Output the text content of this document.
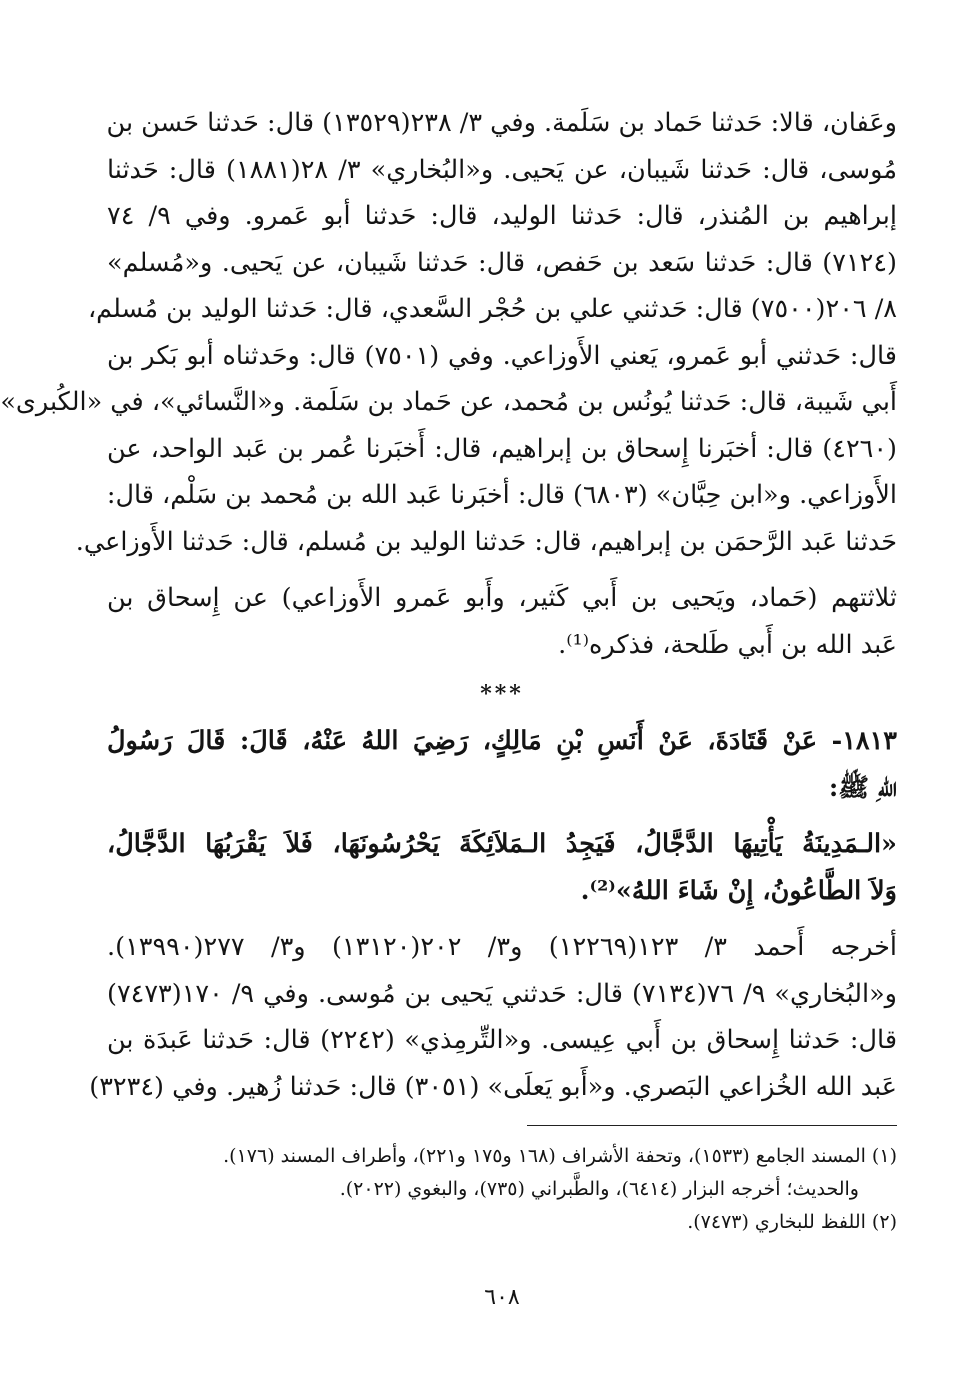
وعَفان، قالا: حَدثنا حَماد بن سَلَمة. وفي ٣/ ٢٣٨(١٣٥٢٩) قال: حَدثنا حَسن بن
مُوسى، قال: حَدثنا شَيبان، عن يَحيى. و«البُخاري» ٣/ ٢٨(١٨٨١) قال: حَدثنا
إبراهيم بن المُنذر، قال: حَدثنا الوليد، قال: حَدثنا أبو عَمرو. وفي ٩/ ٧٤
(٧١٢٤) قال: حَدثنا سَعد بن حَفص، قال: حَدثنا شَيبان، عن يَحيى. و«مُسلم»
٨/ ٢٠٦(٧٥٠٠) قال: حَدثني علي بن حُجْر السَّعدي، قال: حَدثنا الوليد بن مُسلم،
قال: حَدثني أبو عَمرو، يَعني الأَوزاعي. وفي (٧٥٠١) قال: وحَدثناه أبو بَكر بن
أَبي شَيبة، قال: حَدثنا يُونُس بن مُحمد، عن حَماد بن سَلَمة. و«النَّسائي»، في «الكُبرى»
(٤٢٦٠) قال: أخبَرنا إِسحاق بن إبراهيم، قال: أَخبَرنا عُمر بن عَبد الواحد، عن
الأَوزاعي. و«ابن حِبَّان» (٦٨٠٣) قال: أخبَرنا عَبد الله بن مُحمد بن سَلْم، قال:
حَدثنا عَبد الرَّحمَن بن إبراهيم، قال: حَدثنا الوليد بن مُسلم، قال: حَدثنا الأَوزاعي.
ثلاثتهم (حَماد، ويَحيى بن أَبي كَثير، وأَبو عَمرو الأَوزاعي) عن إِسحاق بن
عَبد الله بن أَبي طَلحة، فذكره⁽¹⁾.
***
١٨١٣- عَنْ قَتَادَةَ، عَنْ أَنَسِ بْنِ مَالِكٍ، رَضِيَ اللهُ عَنْهُ، قَالَ: قَالَ رَسُولُ
اللهِ ﷺ:
«الـمَدِينَةُ يَأْتِيهَا الدَّجَّالُ، فَيَجِدُ الـمَلاَئِكَةَ يَحْرُسُونَهَا، فَلاَ يَقْرَبُهَا الدَّجَّالُ،
وَلاَ الطَّاعُونُ، إِنْ شَاءَ اللهُ»⁽²⁾.
أخرجه أَحمد ٣/ ١٢٣(١٢٢٦٩) و٣/ ٢٠٢(١٣١٢٠) و٣/ ٢٧٧(١٣٩٩٠).
و«البُخاري» ٩/ ٧٦(٧١٣٤) قال: حَدثني يَحيى بن مُوسى. وفي ٩/ ١٧٠(٧٤٧٣)
قال: حَدثنا إِسحاق بن أَبي عِيسى. و«التِّرمِذي» (٢٢٤٢) قال: حَدثنا عَبدَة بن
عَبد الله الخُزاعي البَصري. و«أَبو يَعلَى» (٣٠٥١) قال: حَدثنا زُهير. وفي (٣٢٣٤)
(١) المسند الجامع (١٥٣٣)، وتحفة الأشراف (١٦٨ و١٧٥ و٢٢١)، وأطراف المسند (١٧٦).
والحديث؛ أخرجه البزار (٦٤١٤)، والطَّبراني (٧٣٥)، والبغوي (٢٠٢٢).
(٢) اللفظ للبخاري (٧٤٧٣).
٦٠٨
